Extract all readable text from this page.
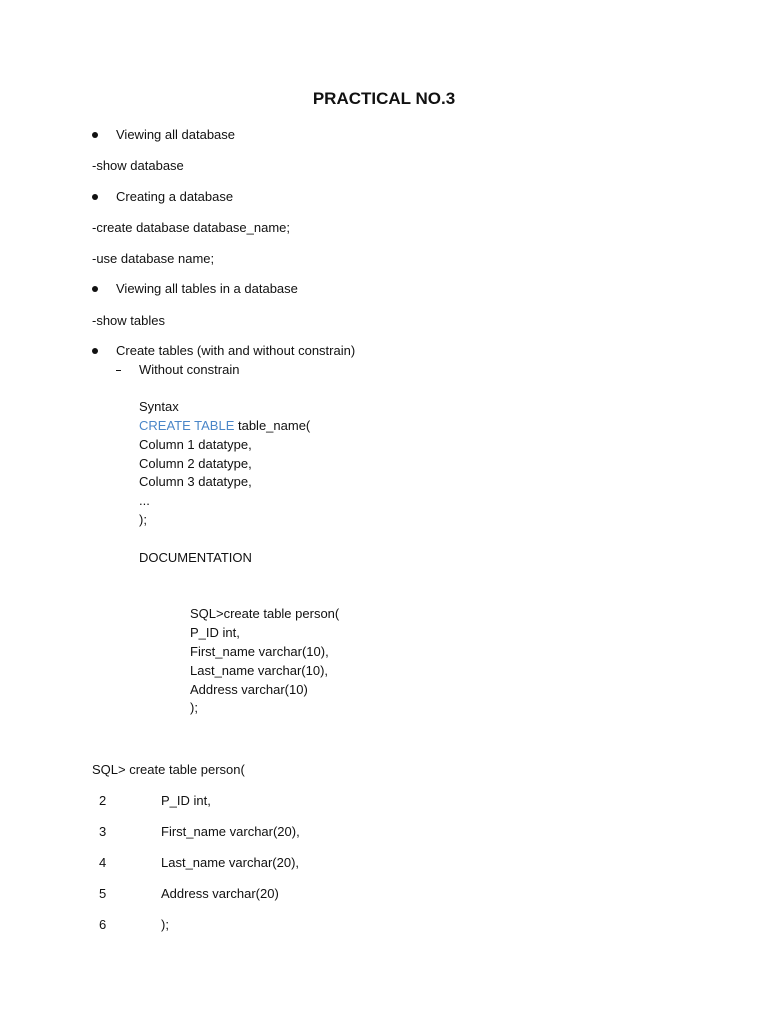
PRACTICAL NO.3
Viewing all database
-show database
Creating a database
-create database database_name;
-use database name;
Viewing all tables in a database
-show tables
Create tables (with and without constrain)
Without constrain
Syntax
CREATE TABLE table_name(
Column 1 datatype,
Column 2 datatype,
Column 3 datatype,
...
);
DOCUMENTATION
SQL>create table person(
P_ID int,
First_name varchar(10),
Last_name varchar(10),
Address varchar(10)
);
SQL> create table person(
2	P_ID int,
3	First_name varchar(20),
4	Last_name varchar(20),
5	Address varchar(20)
6	);
